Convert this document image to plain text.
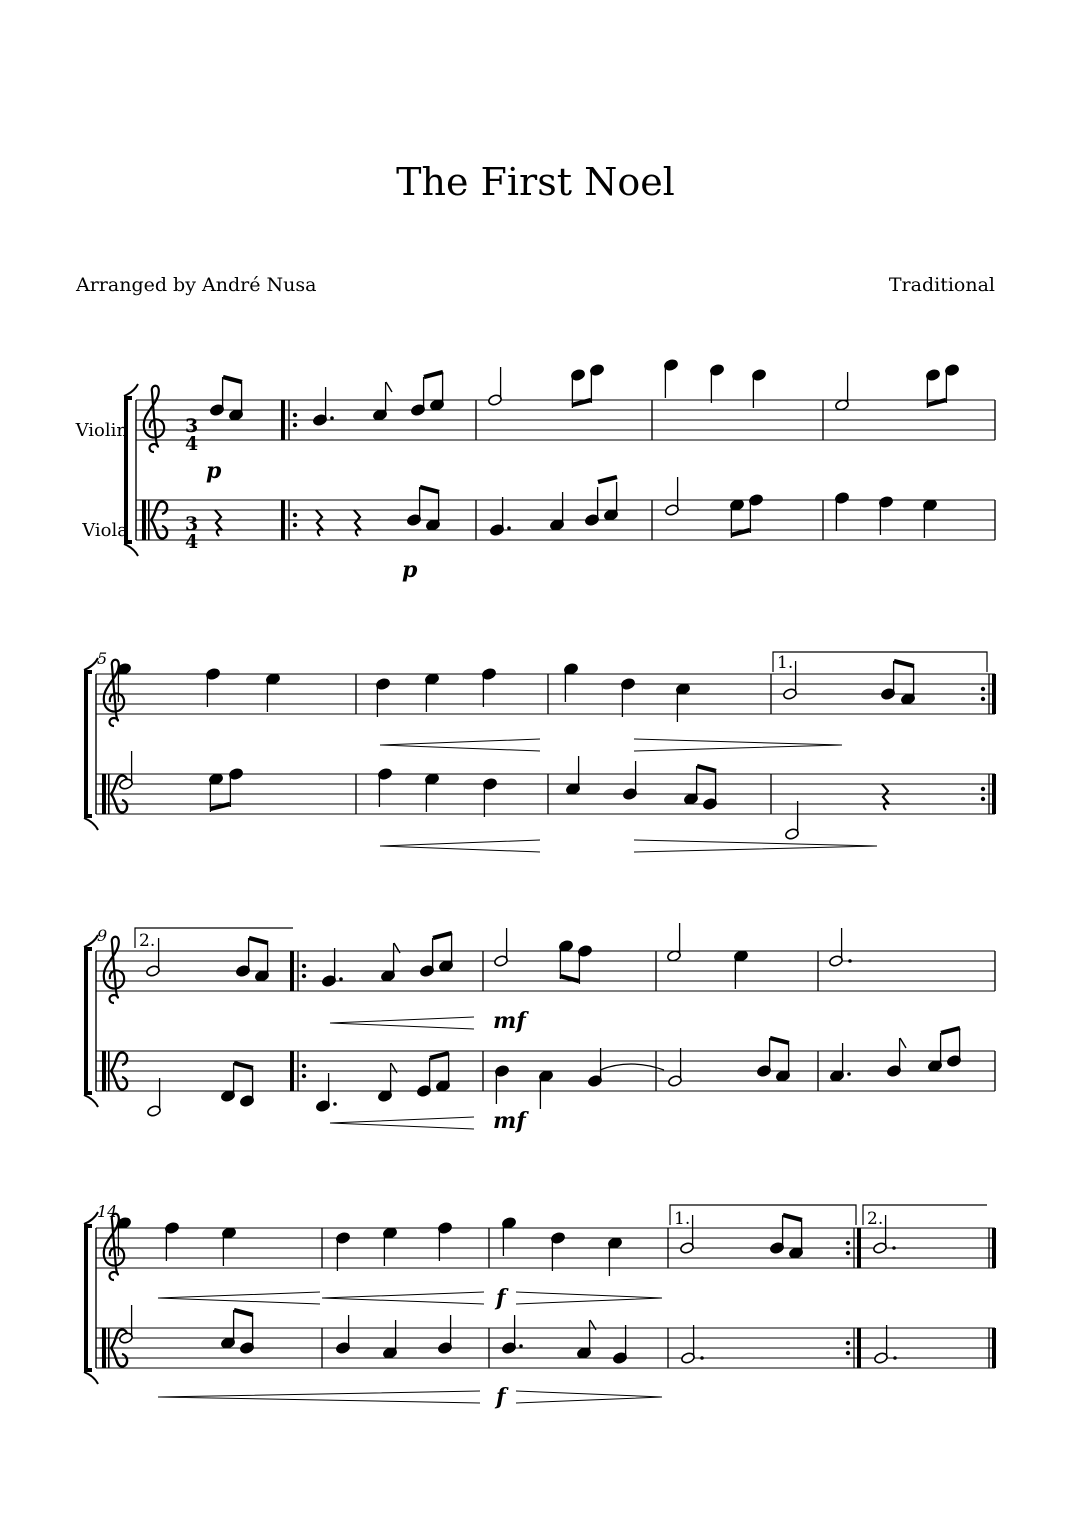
The First Noel
Arranged by André Nusa	Traditional
Violin
Viola
5
9
14
1.
2.
1.	2.
3
4
3
4
p
p
mf
mf
f
f
